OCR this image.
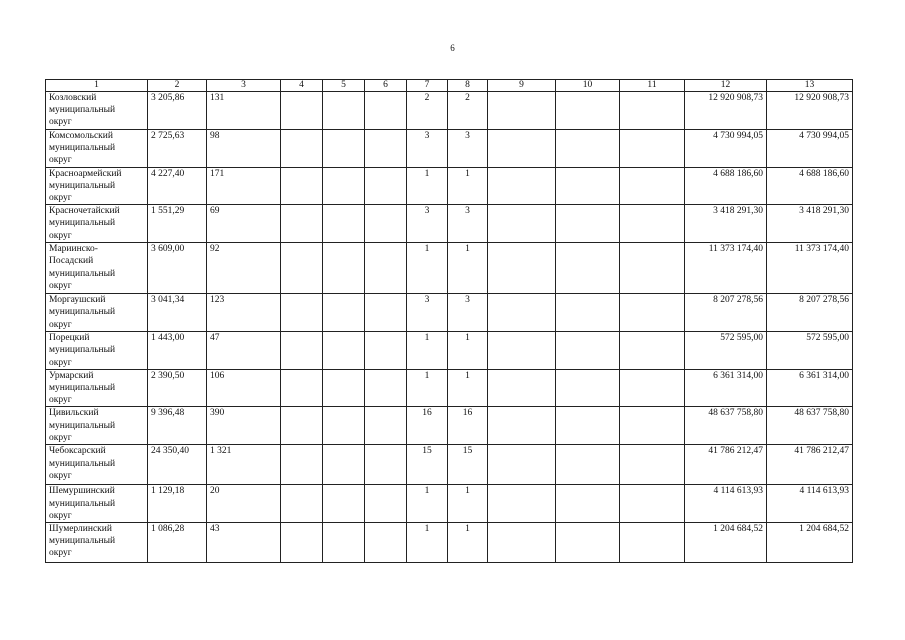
6
1	2	3	4	5	6	7	8	9	10	11	12	13

Козловский
муниципальный
округ	3 205,86	131				2	2				12 920 908,73	12 920 908,73

Комсомольский
муниципальный
округ	2 725,63	98				3	3				4 730 994,05	4 730 994,05

Красноармейский
муниципальный
округ	4 227,40	171				1	1				4 688 186,60	4 688 186,60

Красночетайский
муниципальный
округ	1 551,29	69				3	3				3 418 291,30	3 418 291,30

Мариинско-
Посадский
муниципальный
округ	3 609,00	92				1	1				11 373 174,40	11 373 174,40

Моргаушский
муниципальный
округ	3 041,34	123				3	3				8 207 278,56	8 207 278,56

Порецкий
муниципальный
округ	1 443,00	47				1	1				572 595,00	572 595,00

Урмарский
муниципальный
округ	2 390,50	106				1	1				6 361 314,00	6 361 314,00

Цивильский
муниципальный
округ	9 396,48	390				16	16				48 637 758,80	48 637 758,80

Чебоксарский
муниципальный
округ	24 350,40	1 321				15	15				41 786 212,47	41 786 212,47

Шемуршинский
муниципальный
округ	1 129,18	20				1	1				4 114 613,93	4 114 613,93

Шумерлинский
муниципальный
округ	1 086,28	43				1	1				1 204 684,52	1 204 684,52
